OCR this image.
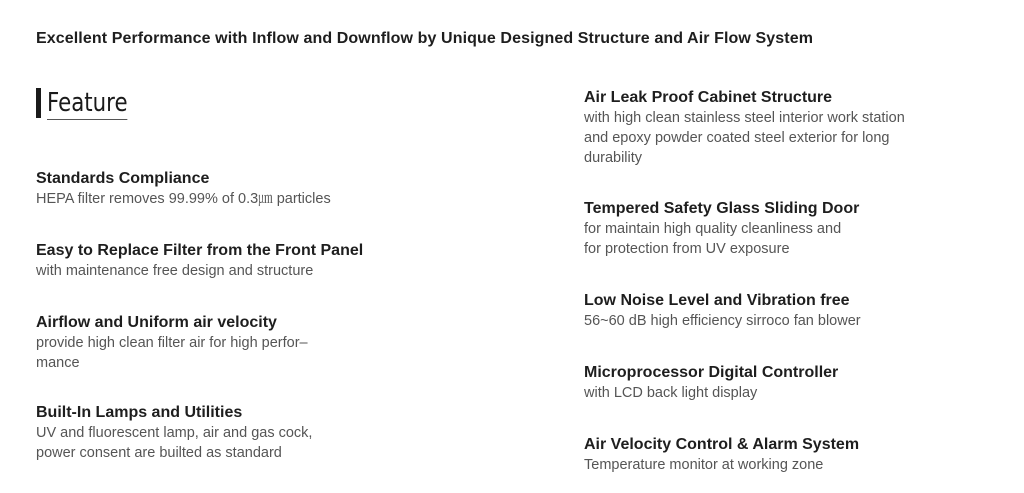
Excellent Performance with Inflow and Downflow by Unique Designed Structure and Air Flow System
Feature
Standards Compliance
HEPA filter removes 99.99% of 0.3㎛ particles
Easy to Replace Filter from the Front Panel
with maintenance free design and structure
Airflow and Uniform air velocity
provide high clean filter air for high perfor–
mance
Built-In Lamps and Utilities
UV and fluorescent lamp, air and gas cock,
power consent are builted as standard
Air Leak Proof Cabinet Structure
with high clean stainless steel interior work station
and epoxy powder coated steel exterior for long
durability
Tempered Safety Glass Sliding Door
for maintain high quality cleanliness and
for protection from UV exposure
Low Noise Level and Vibration free
56~60 dB high efficiency sirroco fan blower
Microprocessor Digital Controller
with LCD back light display
Air Velocity Control & Alarm System
Temperature monitor at working zone
